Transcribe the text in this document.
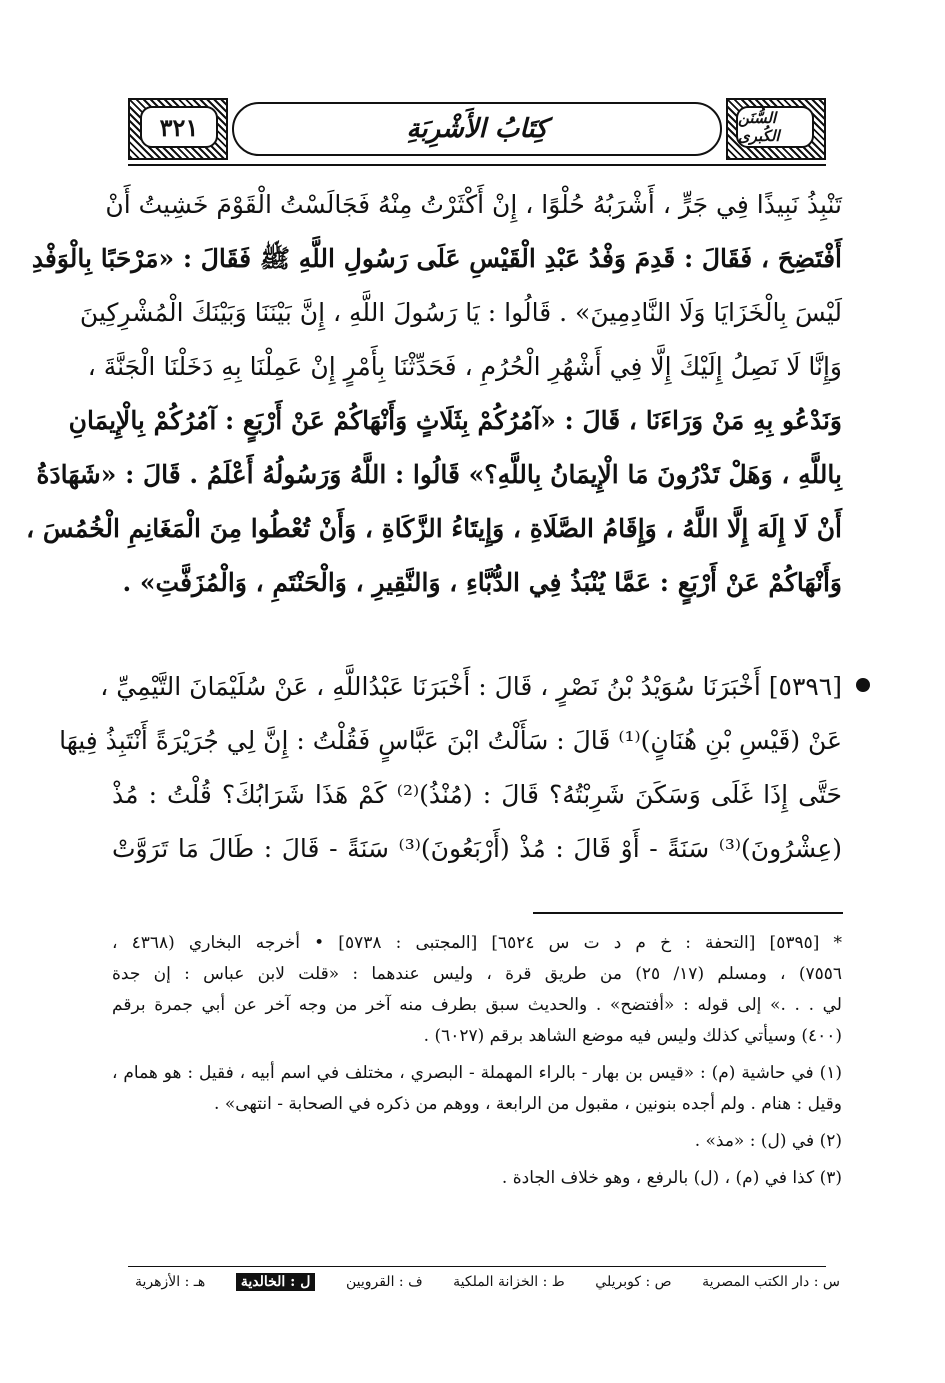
٣٢١	السُّنَن الكُبرى
كِتَابُ الأَشْرِبَةِ
تَنْبِذُ نَبِيذًا فِي جَرٍّ ، أَشْرَبُهُ حُلْوًا ، إِنْ أَكْثَرْتُ مِنْهُ فَجَالَسْتُ الْقَوْمَ خَشِيتُ أَنْ
أَفْتَضِحَ ، فَقَالَ : قَدِمَ وَفْدُ عَبْدِ الْقَيْسِ عَلَى رَسُولِ اللَّهِ ﷺ فَقَالَ : «مَرْحَبًا بِالْوَفْدِ
لَيْسَ بِالْخَزَايَا وَلَا النَّادِمِينَ» . قَالُوا : يَا رَسُولَ اللَّهِ ، إِنَّ بَيْنَنَا وَبَيْنَكَ الْمُشْرِكِينَ
وَإِنَّا لَا نَصِلُ إِلَيْكَ إِلَّا فِي أَشْهُرِ الْحُرُمِ ، فَحَدِّثْنَا بِأَمْرٍ إِنْ عَمِلْنَا بِهِ دَخَلْنَا الْجَنَّةَ ،
وَنَدْعُو بِهِ مَنْ وَرَاءَنَا ، قَالَ : «آمُرُكُمْ بِثَلَاثٍ وَأَنْهَاكُمْ عَنْ أَرْبَعٍ : آمُرُكُمْ بِالْإِيمَانِ
بِاللَّهِ ، وَهَلْ تَدْرُونَ مَا الْإِيمَانُ بِاللَّهِ؟» قَالُوا : اللَّهُ وَرَسُولُهُ أَعْلَمُ . قَالَ : «شَهَادَةُ
أَنْ لَا إِلَهَ إِلَّا اللَّهُ ، وَإِقَامُ الصَّلَاةِ ، وَإِيتَاءُ الزَّكَاةِ ، وَأَنْ تُعْطُوا مِنَ الْمَغَانِمِ الْخُمُسَ ،
وَأَنْهَاكُمْ عَنْ أَرْبَعٍ : عَمَّا يُنْبَذُ فِي الدُّبَّاءِ ، وَالنَّقِيرِ ، وَالْحَنْتَمِ ، وَالْمُزَفَّتِ» .
[٥٣٩٦] أَخْبَرَنَا سُوَيْدُ بْنُ نَصْرٍ ، قَالَ : أَخْبَرَنَا عَبْدُاللَّهِ ، عَنْ سُلَيْمَانَ التَّيْمِيِّ ،
عَنْ (قَيْسِ بْنِ هُنَانٍ)⁽¹⁾ قَالَ : سَأَلْتُ ابْنَ عَبَّاسٍ فَقُلْتُ : إِنَّ لِي جُرَيْرَةً أَنْتَبِذُ فِيهَا
حَتَّى إِذَا غَلَى وَسَكَنَ شَرِبْتُهُ؟ قَالَ : (مُنْذُ)⁽²⁾ كَمْ هَذَا شَرَابُكَ؟ قُلْتُ : مُذْ
(عِشْرُونَ)⁽³⁾ سَنَةً - أَوْ قَالَ : مُذْ (أَرْبَعُونَ)⁽³⁾ سَنَةً - قَالَ : طَالَ مَا تَرَوَّتْ
* [٥٣٩٥] [التحفة : خ م د ت س ٦٥٢٤] [المجتبى : ٥٧٣٨] • أخرجه البخاري (٤٣٦٨ ،
٧٥٥٦) ، ومسلم (١٧/ ٢٥) من طريق قرة ، وليس عندهما : «قلت لابن عباس : إن جدة
لي . . .» إلى قوله : «أفتضح» . والحديث سبق بطرف منه آخر من وجه آخر عن أبي جمرة برقم
(٤٠٠) وسيأتي كذلك وليس فيه موضع الشاهد برقم (٦٠٢٧) .
(١) في حاشية (م) : «قيس بن بهار - بالراء المهملة - البصري ، مختلف في اسم أبيه ، فقيل : هو همام ،
وقيل : هنام . ولم أجده بنونين ، مقبول من الرابعة ، ووهم من ذكره في الصحابة - انتهى» .
(٢) في (ل) : «مذ» .
(٣) كذا في (م) ، (ل) بالرفع ، وهو خلاف الجادة .
س : دار الكتب المصرية
ص : كوبريلي
ط : الخزانة الملكية
ف : القرويين
ل : الخالدية
هـ : الأزهرية
